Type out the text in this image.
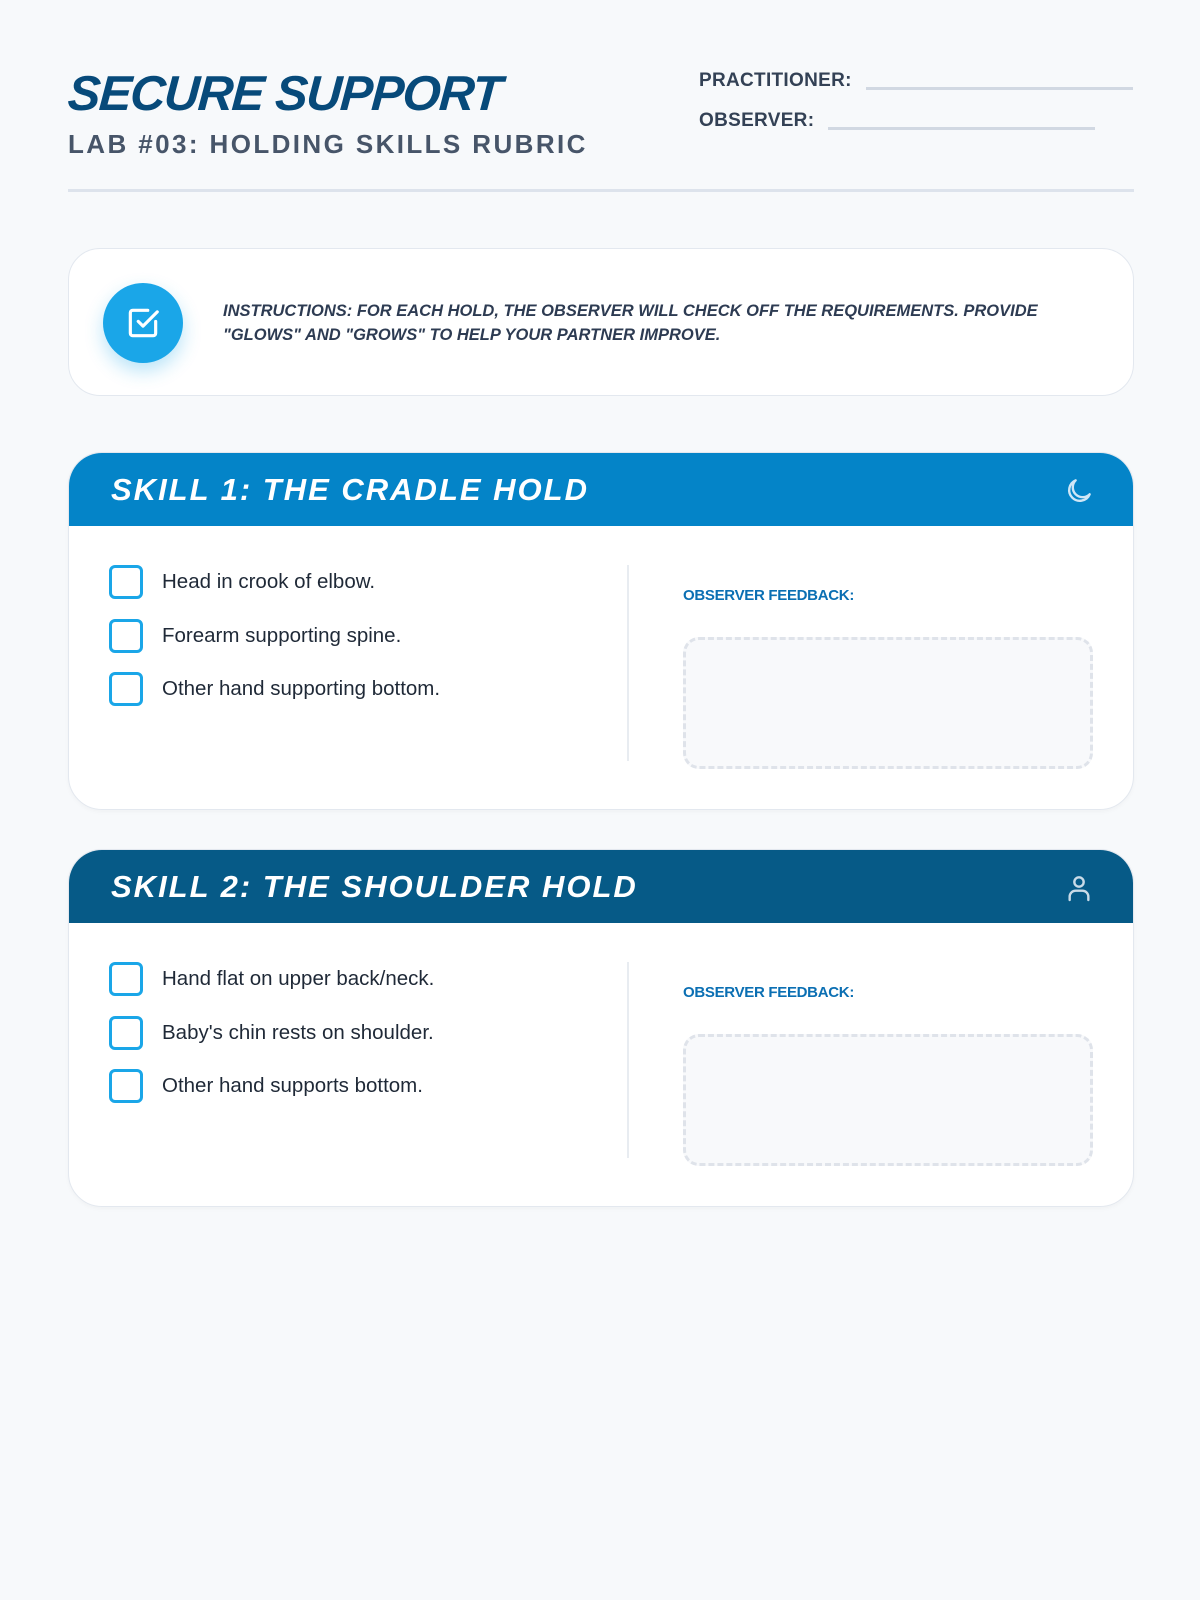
SECURE SUPPORT
LAB #03: HOLDING SKILLS RUBRIC
PRACTITIONER:
OBSERVER:
INSTRUCTIONS: FOR EACH HOLD, THE OBSERVER WILL CHECK OFF THE REQUIREMENTS. PROVIDE "GLOWS" AND "GROWS" TO HELP YOUR PARTNER IMPROVE.
SKILL 1: THE CRADLE HOLD
Head in crook of elbow.
Forearm supporting spine.
Other hand supporting bottom.
OBSERVER FEEDBACK:
SKILL 2: THE SHOULDER HOLD
Hand flat on upper back/neck.
Baby's chin rests on shoulder.
Other hand supports bottom.
OBSERVER FEEDBACK:
